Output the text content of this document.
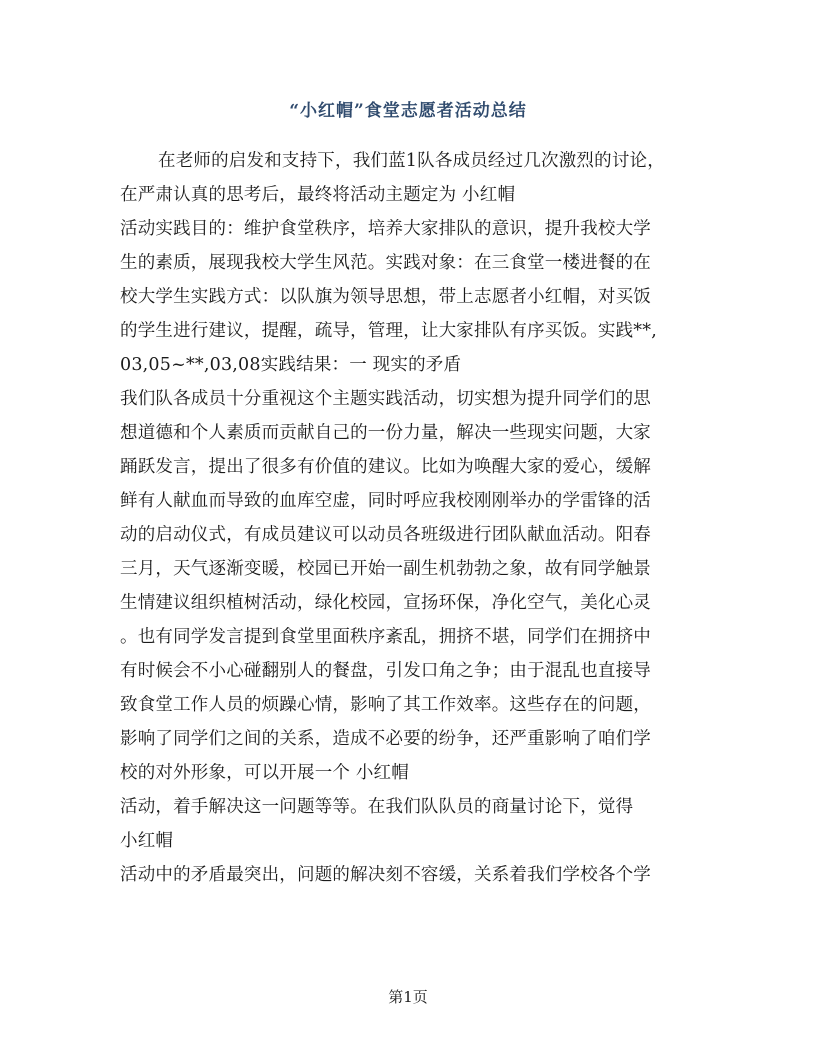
“小红帽”食堂志愿者活动总结
在老师的启发和支持下，我们蓝1队各成员经过几次激烈的讨论，
在严肃认真的思考后，最终将活动主题定为 小红帽
活动实践目的：维护食堂秩序，培养大家排队的意识，提升我校大学
生的素质，展现我校大学生风范。实践对象：在三食堂一楼进餐的在
校大学生实践方式：以队旗为领导思想，带上志愿者小红帽，对买饭
的学生进行建议，提醒，疏导，管理，让大家排队有序买饭。实践**,
03,05~**,03,08实践结果：一 现实的矛盾
我们队各成员十分重视这个主题实践活动，切实想为提升同学们的思
想道德和个人素质而贡献自己的一份力量，解决一些现实问题，大家
踊跃发言，提出了很多有价值的建议。比如为唤醒大家的爱心，缓解
鲜有人献血而导致的血库空虚，同时呼应我校刚刚举办的学雷锋的活
动的启动仪式，有成员建议可以动员各班级进行团队献血活动。阳春
三月，天气逐渐变暖，校园已开始一副生机勃勃之象，故有同学触景
生情建议组织植树活动，绿化校园，宣扬环保，净化空气，美化心灵
。也有同学发言提到食堂里面秩序紊乱，拥挤不堪，同学们在拥挤中
有时候会不小心碰翻别人的餐盘，引发口角之争；由于混乱也直接导
致食堂工作人员的烦躁心情，影响了其工作效率。这些存在的问题，
影响了同学们之间的关系，造成不必要的纷争，还严重影响了咱们学
校的对外形象，可以开展一个 小红帽
活动，着手解决这一问题等等。在我们队队员的商量讨论下，觉得
小红帽
活动中的矛盾最突出，问题的解决刻不容缓，关系着我们学校各个学
第1页
